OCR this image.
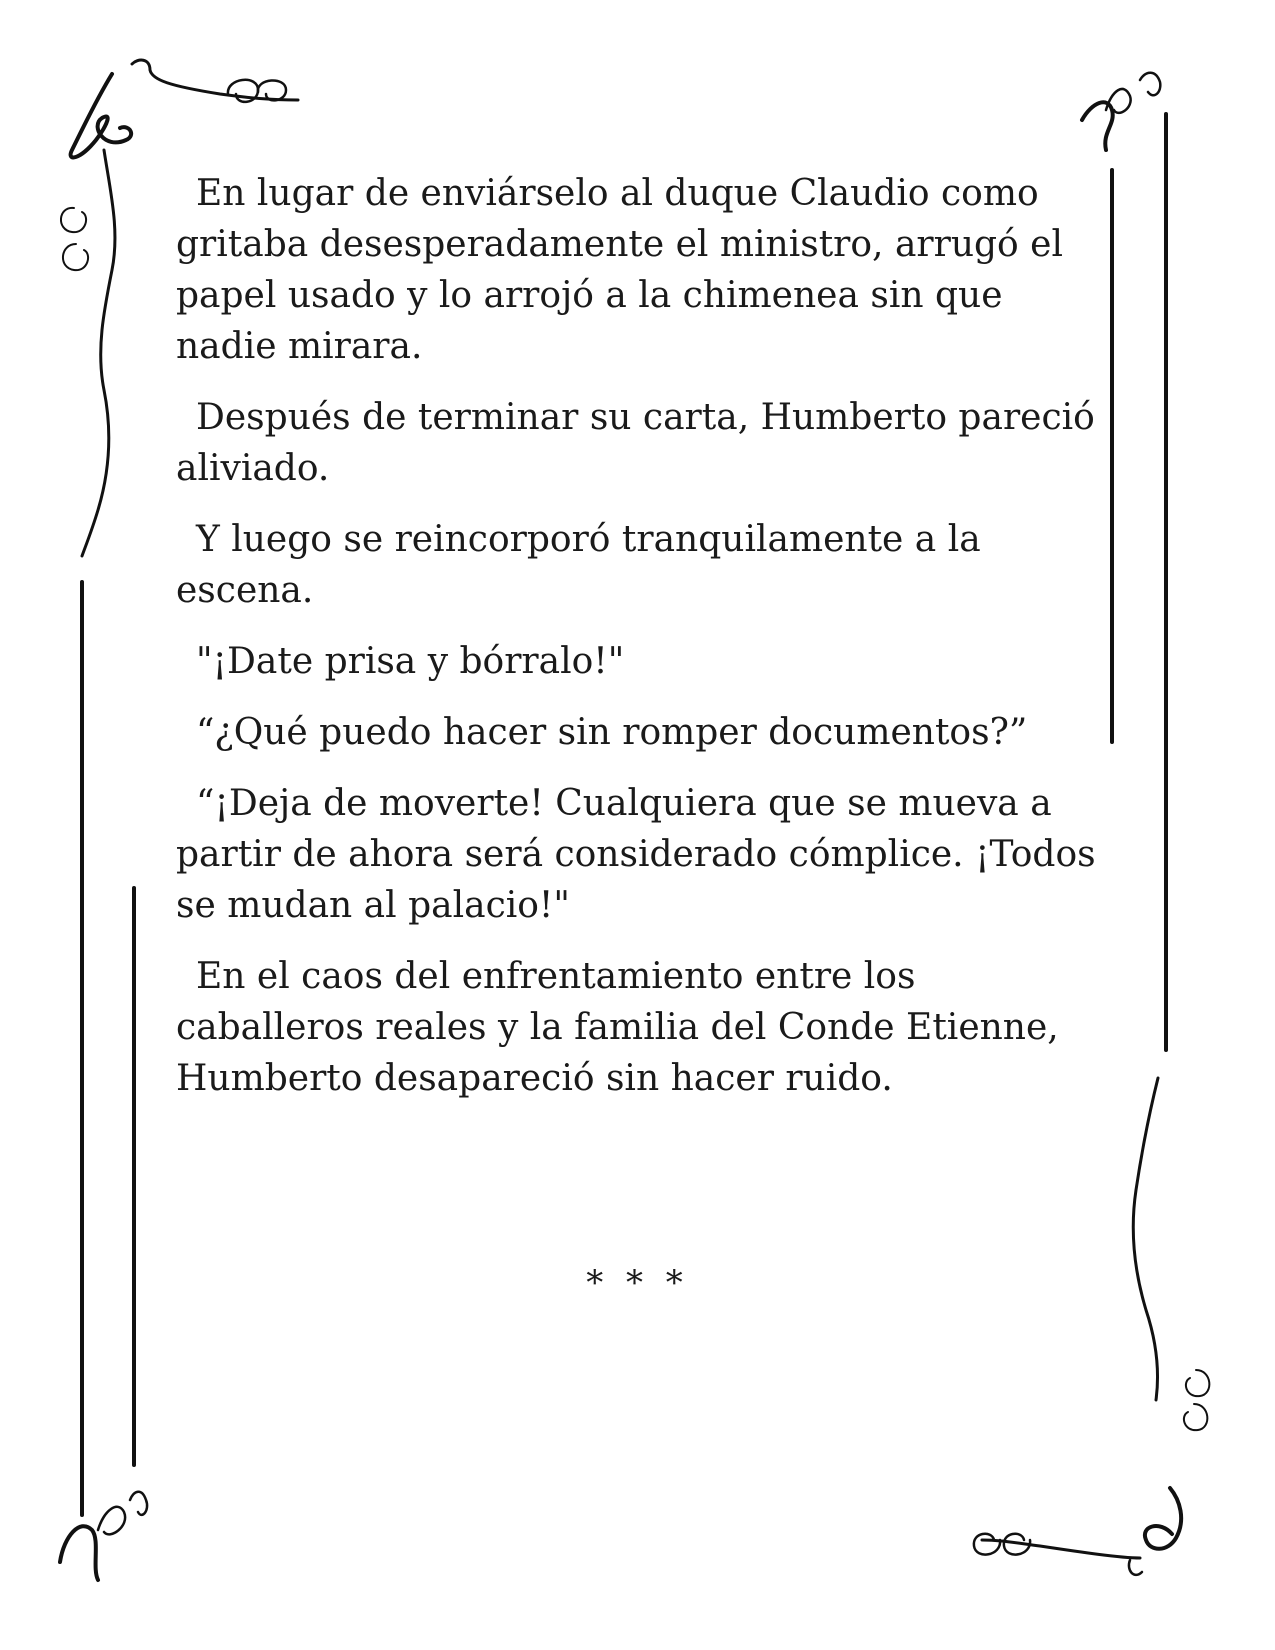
En lugar de enviárselo al duque Claudio como gritaba desesperadamente el ministro, arrugó el papel usado y lo arrojó a la chimenea sin que nadie mirara.

Después de terminar su carta, Humberto pareció aliviado.

Y luego se reincorporó tranquilamente a la escena.

"¡Date prisa y bórralo!"

“¿Qué puedo hacer sin romper documentos?”

“¡Deja de moverte! Cualquiera que se mueva a partir de ahora será considerado cómplice. ¡Todos se mudan al palacio!"

En el caos del enfrentamiento entre los caballeros reales y la familia del Conde Etienne, Humberto desapareció sin hacer ruido.

* * *
